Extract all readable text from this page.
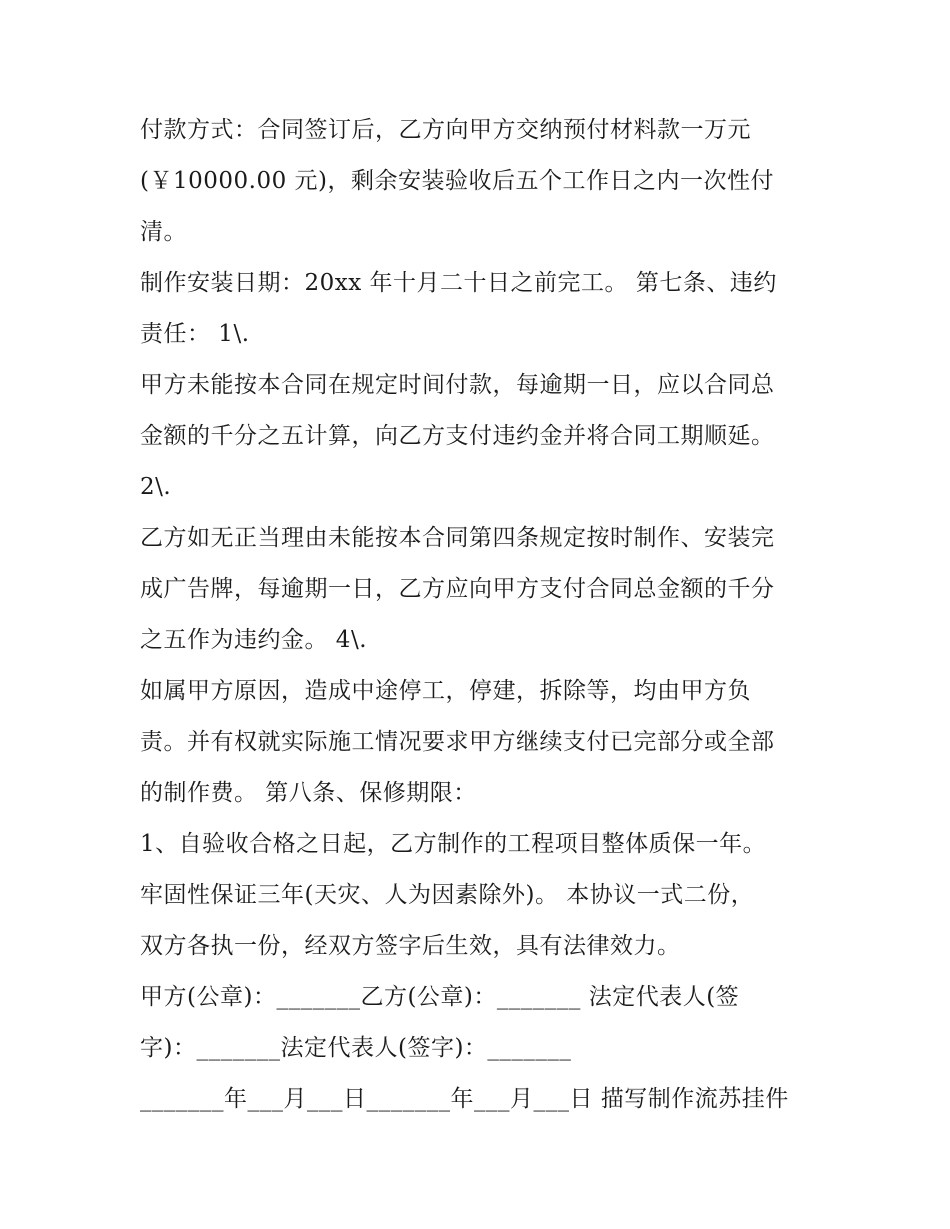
付款方式：合同签订后，乙方向甲方交纳预付材料款一万元
(￥10000.00 元)，剩余安装验收后五个工作日之内一次性付
清。
制作安装日期：20xx 年十月二十日之前完工。 第七条、违约
责任： 1\.
甲方未能按本合同在规定时间付款，每逾期一日，应以合同总
金额的千分之五计算，向乙方支付违约金并将合同工期顺延。
2\.
乙方如无正当理由未能按本合同第四条规定按时制作、安装完
成广告牌，每逾期一日，乙方应向甲方支付合同总金额的千分
之五作为违约金。 4\.
如属甲方原因，造成中途停工，停建，拆除等，均由甲方负
责。并有权就实际施工情况要求甲方继续支付已完部分或全部
的制作费。 第八条、保修期限：
1、自验收合格之日起，乙方制作的工程项目整体质保一年。
牢固性保证三年(天灾、人为因素除外)。 本协议一式二份，
双方各执一份，经双方签字后生效，具有法律效力。
甲方(公章)：_______乙方(公章)：_______ 法定代表人(签
字)：_______法定代表人(签字)：_______
_______年___月___日_______年___月___日 描写制作流苏挂件
